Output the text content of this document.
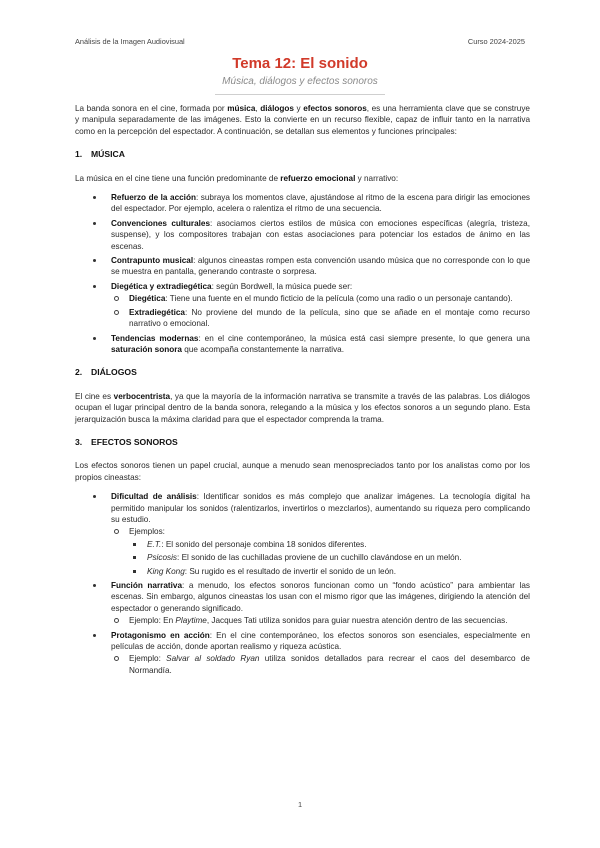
Análisis de la Imagen Audiovisual	Curso 2024-2025
Tema 12: El sonido
Música, diálogos y efectos sonoros

La banda sonora en el cine, formada por música, diálogos y efectos sonoros, es una herramienta clave que se construye y manipula separadamente de las imágenes. Esto la convierte en un recurso flexible, capaz de influir tanto en la narrativa como en la percepción del espectador. A continuación, se detallan sus elementos y funciones principales:

1. MÚSICA

La música en el cine tiene una función predominante de refuerzo emocional y narrativo:

Refuerzo de la acción: subraya los momentos clave, ajustándose al ritmo de la escena para dirigir las emociones del espectador. Por ejemplo, acelera o ralentiza el ritmo de una secuencia.
Convenciones culturales: asociamos ciertos estilos de música con emociones específicas (alegría, tristeza, suspense), y los compositores trabajan con estas asociaciones para potenciar los estados de ánimo en las escenas.
Contrapunto musical: algunos cineastas rompen esta convención usando música que no corresponde con lo que se muestra en pantalla, generando contraste o sorpresa.
Diegética y extradiegética: según Bordwell, la música puede ser:
Diegética: Tiene una fuente en el mundo ficticio de la película (como una radio o un personaje cantando).
Extradiegética: No proviene del mundo de la película, sino que se añade en el montaje como recurso narrativo o emocional.
Tendencias modernas: en el cine contemporáneo, la música está casi siempre presente, lo que genera una saturación sonora que acompaña constantemente la narrativa.
2. DIÁLOGOS

El cine es verbocentrista, ya que la mayoría de la información narrativa se transmite a través de las palabras. Los diálogos ocupan el lugar principal dentro de la banda sonora, relegando a la música y los efectos sonoros a un segundo plano. Esta jerarquización busca la máxima claridad para que el espectador comprenda la trama.

3. EFECTOS SONOROS

Los efectos sonoros tienen un papel crucial, aunque a menudo sean menospreciados tanto por los analistas como por los propios cineastas:

Dificultad de análisis: Identificar sonidos es más complejo que analizar imágenes. La tecnología digital ha permitido manipular los sonidos (ralentizarlos, invertirlos o mezclarlos), aumentando su riqueza pero complicando su estudio.
Ejemplos:
E.T.: El sonido del personaje combina 18 sonidos diferentes.
Psicosis: El sonido de las cuchilladas proviene de un cuchillo clavándose en un melón.
King Kong: Su rugido es el resultado de invertir el sonido de un león.
Función narrativa: a menudo, los efectos sonoros funcionan como un “fondo acústico” para ambientar las escenas. Sin embargo, algunos cineastas los usan con el mismo rigor que las imágenes, dirigiendo la atención del espectador o generando significado.
Ejemplo: En Playtime, Jacques Tati utiliza sonidos para guiar nuestra atención dentro de las secuencias.
Protagonismo en acción: En el cine contemporáneo, los efectos sonoros son esenciales, especialmente en películas de acción, donde aportan realismo y riqueza acústica.
Ejemplo: Salvar al soldado Ryan utiliza sonidos detallados para recrear el caos del desembarco de Normandía.
1
